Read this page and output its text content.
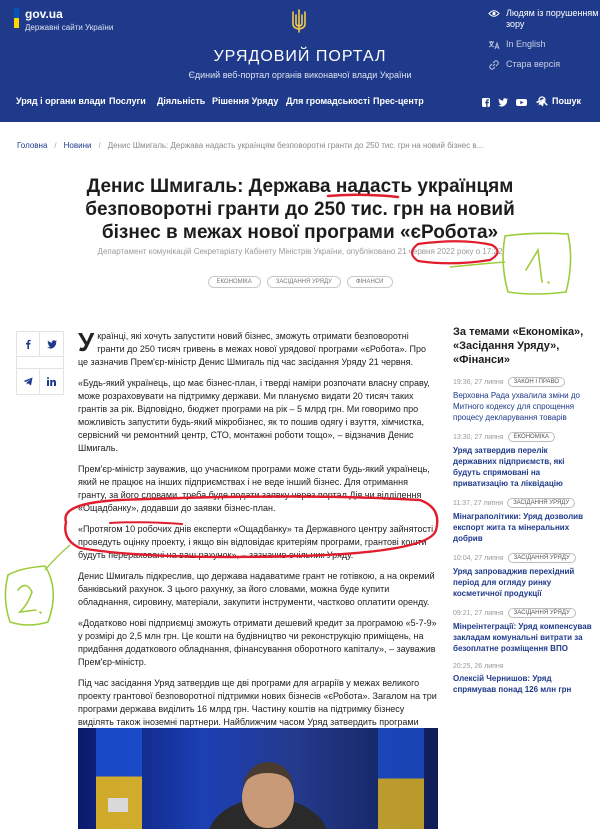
gov.ua
Державні сайти України
УРЯДОВИЙ ПОРТАЛ
Єдиний веб-портал органів виконавчої влади України
Людям із порушенням зору
In English
Стара версія
Уряд і органи влади Послуги Діяльність Рішення Уряду Для громадськості Прес-центр	Пошук
Головна / Новини / Денис Шмигаль: Держава надасть українцям безповоротні гранти до 250 тис. грн на новий бізнес в...
Денис Шмигаль: Держава надасть українцям безповоротні гранти до 250 тис. грн на новий бізнес в межах нової програми «єРобота»
Департамент комунікацій Секретаріату Кабінету Міністрів України, опубліковано 21 червня 2022 року о 17:22
ЕКОНОМІКА	ЗАСІДАННЯ УРЯДУ	ФІНАНСИ

Українці, які хочуть запустити новий бізнес, зможуть отримати безповоротні гранти до 250 тисяч гривень в межах нової урядової програми «єРобота». Про це зазначив Прем'єр-міністр Денис Шмигаль під час засідання Уряду 21 червня.

«Будь-який українець, що має бізнес-план, і тверді наміри розпочати власну справу, може розраховувати на підтримку держави. Ми плануємо видати 20 тисяч таких грантів за рік. Відповідно, бюджет програми на рік – 5 млрд грн. Ми говоримо про можливість запустити будь-який мікробізнес, як то пошив одягу і взуття, хімчистка, сервісний чи ремонтний центр, СТО, монтажні роботи тощо», – відзначив Денис Шмигаль.

Прем'єр-міністр зауважив, що учасником програми може стати будь-який українець, який не працює на інших підприємствах і не веде інший бізнес. Для отримання гранту, за його словами, треба буде подати заявку через портал Дія чи відділення «Ощадбанку», додавши до заявки бізнес-план.

«Протягом 10 робочих днів експерти «Ощадбанку» та Державного центру зайнятості проведуть оцінку проекту, і якщо він відповідає критеріям програми, грантові кошти будуть перераховані на ваш рахунок», – зазначив очільник Уряду.

Денис Шмигаль підкреслив, що держава надаватиме грант не готівкою, а на окремий банківський рахунок. З цього рахунку, за його словами, можна буде купити обладнання, сировину, матеріали, закупити інструменти, частково оплатити оренду.

«Додатково нові підприємці зможуть отримати дешевий кредит за програмою «5-7-9» у розмірі до 2,5 млн грн. Це кошти на будівництво чи реконструкцію приміщень, на придбання додаткового обладнання, фінансування оборотного капіталу», – зауважив Прем'єр-міністр.

Під час засідання Уряд затвердив ще дві програми для аграріїв у межах великого проекту грантової безповоротної підтримки нових бізнесів «єРобота». Загалом на три програми держава виділить 16 млрд грн. Частину коштів на підтримку бізнесу виділять також іноземні партнери. Найближчим часом Уряд затвердить програми

За темами «Економіка», «Засідання Уряду», «Фінанси»
19:36, 27 липня	ЗАКОН І ПРАВО
Верховна Рада ухвалила зміни до Митного кодексу для спрощення процесу декларування товарів
13:30, 27 липня	ЕКОНОМІКА
Уряд затвердив перелік державних підприємств, які будуть спрямовані на приватизацію та ліквідацію
11:37, 27 липня	ЗАСІДАННЯ УРЯДУ
Мінаграполітики: Уряд дозволив експорт жита та мінеральних добрив
10:04, 27 липня	ЗАСІДАННЯ УРЯДУ
Уряд запроваджив перехідний період для огляду ринку косметичної продукції
09:21, 27 липня	ЗАСІДАННЯ УРЯДУ
Мінреінтеграції: Уряд компенсував закладам комунальні витрати за безоплатне розміщення ВПО
20:25, 26 липня
Олексій Чернишов: Уряд спрямував понад 126 млн грн
